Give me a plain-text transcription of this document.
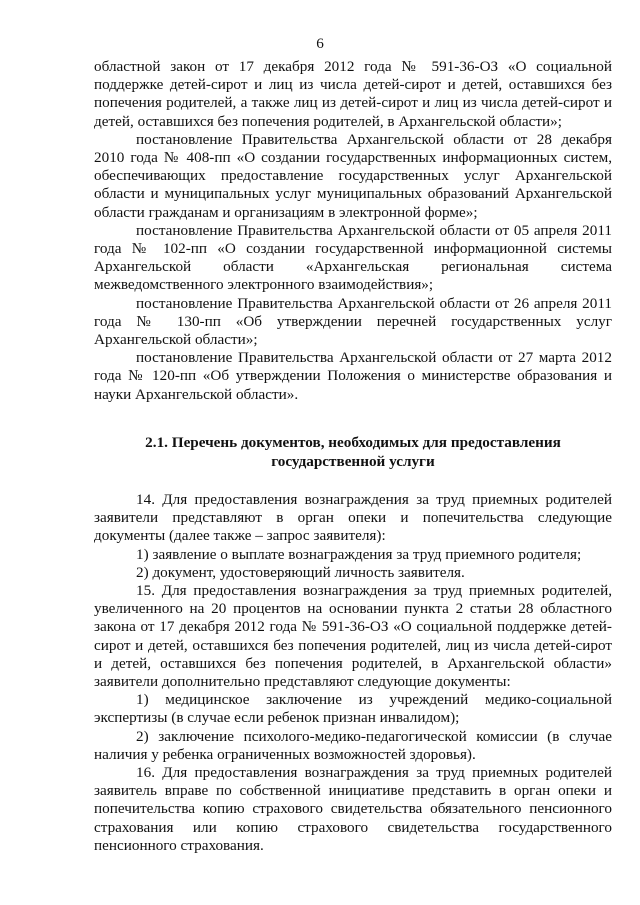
6

областной закон от 17 декабря 2012 года № 591-36-ОЗ «О социальной поддержке детей-сирот и лиц из числа детей-сирот и детей, оставшихся без попечения родителей, а также лиц из детей-сирот и лиц из числа детей-сирот и детей, оставшихся без попечения родителей, в Архангельской области»;

постановление Правительства Архангельской области от 28 декабря 2010 года № 408-пп «О создании государственных информационных систем, обеспечивающих предоставление государственных услуг Архангельской области и муниципальных услуг муниципальных образований Архангельской области гражданам и организациям в электронной форме»;

постановление Правительства Архангельской области от 05 апреля 2011 года № 102-пп «О создании государственной информационной системы Архангельской области «Архангельская региональная система межведомственного электронного взаимодействия»;

постановление Правительства Архангельской области от 26 апреля 2011 года № 130-пп «Об утверждении перечней государственных услуг Архангельской области»;

постановление Правительства Архангельской области от 27 марта 2012 года № 120-пп «Об утверждении Положения о министерстве образования и науки Архангельской области».

2.1. Перечень документов, необходимых для предоставления
государственной услуги

14. Для предоставления вознаграждения за труд приемных родителей заявители представляют в орган опеки и попечительства следующие документы (далее также – запрос заявителя):

1) заявление о выплате вознаграждения за труд приемного родителя;

2) документ, удостоверяющий личность заявителя.

15. Для предоставления вознаграждения за труд приемных родителей, увеличенного на 20 процентов на основании пункта 2 статьи 28 областного закона от 17 декабря 2012 года № 591-36-ОЗ «О социальной поддержке детей-сирот и детей, оставшихся без попечения родителей, лиц из числа детей-сирот и детей, оставшихся без попечения родителей, в Архангельской области» заявители дополнительно представляют следующие документы:

1) медицинское заключение из учреждений медико-социальной экспертизы (в случае если ребенок признан инвалидом);

2) заключение психолого-медико-педагогической комиссии (в случае наличия у ребенка ограниченных возможностей здоровья).

16. Для предоставления вознаграждения за труд приемных родителей заявитель вправе по собственной инициативе представить в орган опеки и попечительства копию страхового свидетельства обязательного пенсионного страхования или копию страхового свидетельства государственного пенсионного страхования.
